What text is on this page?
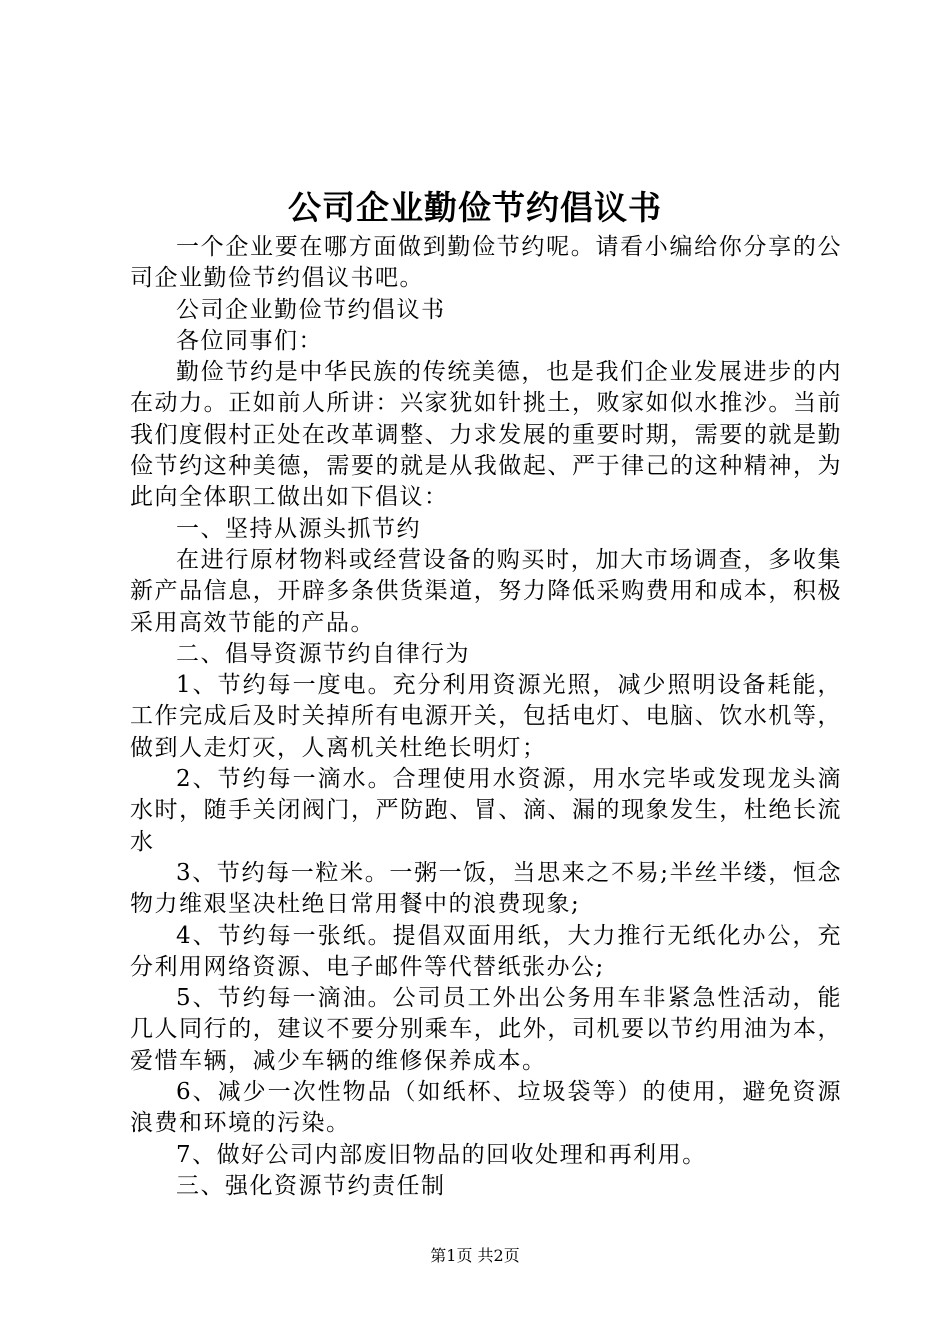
公司企业勤俭节约倡议书

一个企业要在哪方面做到勤俭节约呢。请看小编给你分享的公司企业勤俭节约倡议书吧。

公司企业勤俭节约倡议书

各位同事们：

勤俭节约是中华民族的传统美德，也是我们企业发展进步的内在动力。正如前人所讲：兴家犹如针挑土，败家如似水推沙。当前我们度假村正处在改革调整、力求发展的重要时期，需要的就是勤俭节约这种美德，需要的就是从我做起、严于律己的这种精神，为此向全体职工做出如下倡议：

一、坚持从源头抓节约

在进行原材物料或经营设备的购买时，加大市场调查，多收集新产品信息，开辟多条供货渠道，努力降低采购费用和成本，积极采用高效节能的产品。

二、倡导资源节约自律行为

1、节约每一度电。充分利用资源光照，减少照明设备耗能，工作完成后及时关掉所有电源开关，包括电灯、电脑、饮水机等，做到人走灯灭，人离机关杜绝长明灯；

2、节约每一滴水。合理使用水资源，用水完毕或发现龙头滴水时，随手关闭阀门，严防跑、冒、滴、漏的现象发生，杜绝长流水

3、节约每一粒米。一粥一饭，当思来之不易;半丝半缕，恒念物力维艰坚决杜绝日常用餐中的浪费现象;

4、节约每一张纸。提倡双面用纸，大力推行无纸化办公，充分利用网络资源、电子邮件等代替纸张办公;

5、节约每一滴油。公司员工外出公务用车非紧急性活动，能几人同行的，建议不要分别乘车，此外，司机要以节约用油为本，爱惜车辆，减少车辆的维修保养成本。

6、减少一次性物品（如纸杯、垃圾袋等）的使用，避免资源浪费和环境的污染。

7、做好公司内部废旧物品的回收处理和再利用。

三、强化资源节约责任制

第1页 共2页
